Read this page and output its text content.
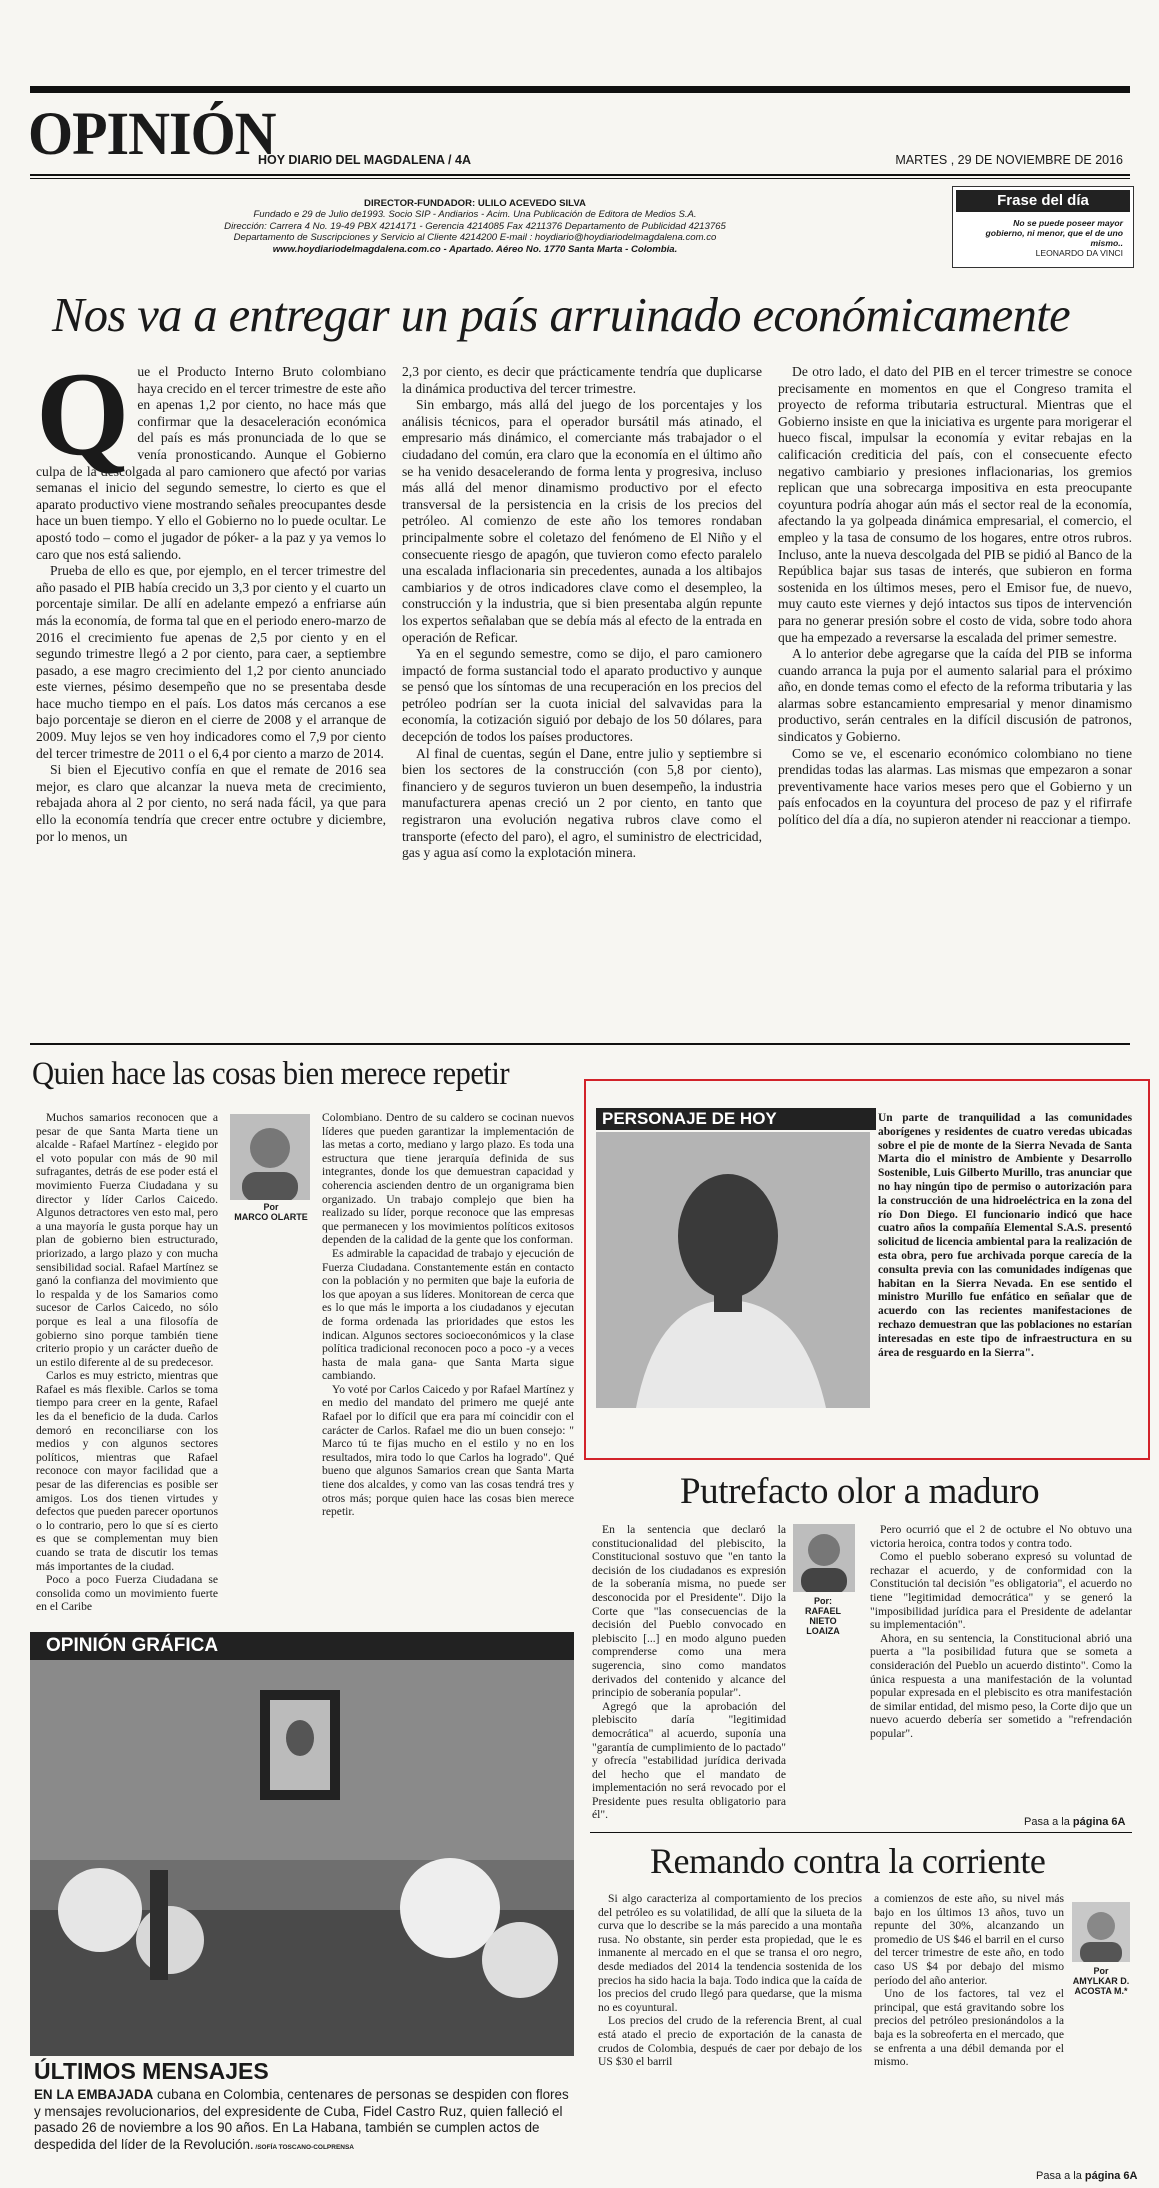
OPINIÓN
HOY DIARIO DEL MAGDALENA / 4A	MARTES , 29 DE NOVIEMBRE DE 2016
DIRECTOR-FUNDADOR: ULILO ACEVEDO SILVA
Fundado e 29 de Julio de1993. Socio SIP - Andiarios - Acim. Una Publicación de Editora de Medios S.A.
Dirección: Carrera 4 No. 19-49 PBX 4214171 - Gerencia 4214085 Fax 4211376 Departamento de Publicidad 4213765
Departamento de Suscripciones y Servicio al Cliente 4214200 E-mail : hoydiario@hoydiariodelmagdalena.com.co
www.hoydiariodelmagdalena.com.co - Apartado. Aéreo No. 1770 Santa Marta - Colombia.
Frase del día
No se puede poseer mayor gobierno, ni menor, que el de uno mismo..
LEONARDO DA VINCI
Nos va a entregar un país arruinado económicamente
Q ue el Producto Interno Bruto colombiano haya crecido en el tercer trimestre de este año en apenas 1,2 por ciento, no hace más que confirmar que la desaceleración económica del país es más pronunciada de lo que se venía pronosticando. Aunque el Gobierno culpa de la descolgada al paro camionero que afectó por varias semanas el inicio del segundo semestre, lo cierto es que el aparato productivo viene mostrando señales preocupantes desde hace un buen tiempo. Y ello el Gobierno no lo puede ocultar. Le apostó todo – como el jugador de póker- a la paz y ya vemos lo caro que nos está saliendo.

Prueba de ello es que, por ejemplo, en el tercer trimestre del año pasado el PIB había crecido un 3,3 por ciento y el cuarto un porcentaje similar. De allí en adelante empezó a enfriarse aún más la economía, de forma tal que en el periodo enero-marzo de 2016 el crecimiento fue apenas de 2,5 por ciento y en el segundo trimestre llegó a 2 por ciento, para caer, a septiembre pasado, a ese magro crecimiento del 1,2 por ciento anunciado este viernes, pésimo desempeño que no se presentaba desde hace mucho tiempo en el país. Los datos más cercanos a ese bajo porcentaje se dieron en el cierre de 2008 y el arranque de 2009. Muy lejos se ven hoy indicadores como el 7,9 por ciento del tercer trimestre de 2011 o el 6,4 por ciento a marzo de 2014.

Si bien el Ejecutivo confía en que el remate de 2016 sea mejor, es claro que alcanzar la nueva meta de crecimiento, rebajada ahora al 2 por ciento, no será nada fácil, ya que para ello la economía tendría que crecer entre octubre y diciembre, por lo menos, un

2,3 por ciento, es decir que prácticamente tendría que duplicarse la dinámica productiva del tercer trimestre.

Sin embargo, más allá del juego de los porcentajes y los análisis técnicos, para el operador bursátil más atinado, el empresario más dinámico, el comerciante más trabajador o el ciudadano del común, era claro que la economía en el último año se ha venido desacelerando de forma lenta y progresiva, incluso más allá del menor dinamismo productivo por el efecto transversal de la persistencia en la crisis de los precios del petróleo. Al comienzo de este año los temores rondaban principalmente sobre el coletazo del fenómeno de El Niño y el consecuente riesgo de apagón, que tuvieron como efecto paralelo una escalada inflacionaria sin precedentes, aunada a los altibajos cambiarios y de otros indicadores clave como el desempleo, la construcción y la industria, que si bien presentaba algún repunte los expertos señalaban que se debía más al efecto de la entrada en operación de Reficar.

Ya en el segundo semestre, como se dijo, el paro camionero impactó de forma sustancial todo el aparato productivo y aunque se pensó que los síntomas de una recuperación en los precios del petróleo podrían ser la cuota inicial del salvavidas para la economía, la cotización siguió por debajo de los 50 dólares, para decepción de todos los países productores.

Al final de cuentas, según el Dane, entre julio y septiembre si bien los sectores de la construcción (con 5,8 por ciento), financiero y de seguros tuvieron un buen desempeño, la industria manufacturera apenas creció un 2 por ciento, en tanto que registraron una evolución negativa rubros clave como el transporte (efecto del paro), el agro, el suministro de electricidad, gas y agua así como la explotación minera.

De otro lado, el dato del PIB en el tercer trimestre se conoce precisamente en momentos en que el Congreso tramita el proyecto de reforma tributaria estructural. Mientras que el Gobierno insiste en que la iniciativa es urgente para morigerar el hueco fiscal, impulsar la economía y evitar rebajas en la calificación crediticia del país, con el consecuente efecto negativo cambiario y presiones inflacionarias, los gremios replican que una sobrecarga impositiva en esta preocupante coyuntura podría ahogar aún más el sector real de la economía, afectando la ya golpeada dinámica empresarial, el comercio, el empleo y la tasa de consumo de los hogares, entre otros rubros. Incluso, ante la nueva descolgada del PIB se pidió al Banco de la República bajar sus tasas de interés, que subieron en forma sostenida en los últimos meses, pero el Emisor fue, de nuevo, muy cauto este viernes y dejó intactos sus tipos de intervención para no generar presión sobre el costo de vida, sobre todo ahora que ha empezado a reversarse la escalada del primer semestre.

A lo anterior debe agregarse que la caída del PIB se informa cuando arranca la puja por el aumento salarial para el próximo año, en donde temas como el efecto de la reforma tributaria y las alarmas sobre estancamiento empresarial y menor dinamismo productivo, serán centrales en la difícil discusión de patronos, sindicatos y Gobierno.

Como se ve, el escenario económico colombiano no tiene prendidas todas las alarmas. Las mismas que empezaron a sonar preventivamente hace varios meses pero que el Gobierno y un país enfocados en la coyuntura del proceso de paz y el rifirrafe político del día a día, no supieron atender ni reaccionar a tiempo.

Quien hace las cosas bien merece repetir
Por
MARCO OLARTE

Muchos samarios reconocen que a pesar de que Santa Marta tiene un alcalde - Rafael Martínez - elegido por el voto popular con más de 90 mil sufragantes, detrás de ese poder está el movimiento Fuerza Ciudadana y su director y líder Carlos Caicedo. Algunos detractores ven esto mal, pero a una mayoría le gusta porque hay un plan de gobierno bien estructurado, priorizado, a largo plazo y con mucha sensibilidad social. Rafael Martínez se ganó la confianza del movimiento que lo respalda y de los Samarios como sucesor de Carlos Caicedo, no sólo porque es leal a una filosofía de gobierno sino porque también tiene criterio propio y un carácter dueño de un estilo diferente al de su predecesor.

Carlos es muy estricto, mientras que Rafael es más flexible. Carlos se toma tiempo para creer en la gente, Rafael les da el beneficio de la duda. Carlos demoró en reconciliarse con los medios y con algunos sectores políticos, mientras que Rafael reconoce con mayor facilidad que a pesar de las diferencias es posible ser amigos. Los dos tienen virtudes y defectos que pueden parecer oportunos o lo contrario, pero lo que sí es cierto es que se complementan muy bien cuando se trata de discutir los temas más importantes de la ciudad.

Poco a poco Fuerza Ciudadana se consolida como un movimiento fuerte en el Caribe

Colombiano. Dentro de su caldero se cocinan nuevos líderes que pueden garantizar la implementación de las metas a corto, mediano y largo plazo. Es toda una estructura que tiene jerarquía definida de sus integrantes, donde los que demuestran capacidad y coherencia ascienden dentro de un organigrama bien organizado. Un trabajo complejo que bien ha realizado su líder, porque reconoce que las empresas que permanecen y los movimientos políticos exitosos dependen de la calidad de la gente que los conforman.

Es admirable la capacidad de trabajo y ejecución de Fuerza Ciudadana. Constantemente están en contacto con la población y no permiten que baje la euforia de los que apoyan a sus líderes. Monitorean de cerca que es lo que más le importa a los ciudadanos y ejecutan de forma ordenada las prioridades que estos les indican. Algunos sectores socioeconómicos y la clase política tradicional reconocen poco a poco -y a veces hasta de mala gana- que Santa Marta sigue cambiando.

Yo voté por Carlos Caicedo y por Rafael Martínez y en medio del mandato del primero me quejé ante Rafael por lo difícil que era para mí coincidir con el carácter de Carlos. Rafael me dio un buen consejo: " Marco tú te fijas mucho en el estilo y no en los resultados, mira todo lo que Carlos ha logrado". Qué bueno que algunos Samarios crean que Santa Marta tiene dos alcaldes, y como van las cosas tendrá tres y otros más; porque quien hace las cosas bien merece repetir.

PERSONAJE DE HOY	Un parte de tranquilidad a las comunidades aborígenes y residentes de cuatro veredas ubicadas sobre el pie de monte de la Sierra Nevada de Santa Marta dio el ministro de Ambiente y Desarrollo Sostenible, Luis Gilberto Murillo, tras anunciar que no hay ningún tipo de permiso o autorización para la construcción de una hidroeléctrica en la zona del río Don Diego. El funcionario indicó que hace cuatro años la compañía Elemental S.A.S. presentó solicitud de licencia ambiental para la realización de esta obra, pero fue archivada porque carecía de la consulta previa con las comunidades indígenas que habitan en la Sierra Nevada. En ese sentido el ministro Murillo fue enfático en señalar que de acuerdo con las recientes manifestaciones de rechazo demuestran que las poblaciones no estarían interesadas en este tipo de infraestructura en su área de resguardo en la Sierra".

Putrefacto olor a maduro
Por:
RAFAEL NIETO LOAIZA

En la sentencia que declaró la constitucionalidad del plebiscito, la Constitucional sostuvo que "en tanto la decisión de los ciudadanos es expresión de la soberanía misma, no puede ser desconocida por el Presidente". Dijo la Corte que "las consecuencias de la decisión del Pueblo convocado en plebiscito [...] en modo alguno pueden comprenderse como una mera sugerencia, sino como mandatos derivados del contenido y alcance del principio de soberanía popular".

Agregó que la aprobación del plebiscito daría "legitimidad democrática" al acuerdo, suponía una "garantía de cumplimiento de lo pactado" y ofrecía "estabilidad jurídica derivada del hecho que el mandato de implementación no será revocado por el Presidente pues resulta obligatorio para él".

Pero ocurrió que el 2 de octubre el No obtuvo una victoria heroica, contra todos y contra todo.

Como el pueblo soberano expresó su voluntad de rechazar el acuerdo, y de conformidad con la Constitución tal decisión "es obligatoria", el acuerdo no tiene "legitimidad democrática" y se generó la "imposibilidad jurídica para el Presidente de adelantar su implementación".

Ahora, en su sentencia, la Constitucional abrió una puerta a "la posibilidad futura que se someta a consideración del Pueblo un acuerdo distinto". Como la única respuesta a una manifestación de la voluntad popular expresada en el plebiscito es otra manifestación de similar entidad, del mismo peso, la Corte dijo que un nuevo acuerdo debería ser sometido a "refrendación popular".

Pasa a la página 6A
Remando contra la corriente

Si algo caracteriza al comportamiento de los precios del petróleo es su volatilidad, de allí que la silueta de la curva que lo describe se la más parecido a una montaña rusa. No obstante, sin perder esta propiedad, que le es inmanente al mercado en el que se transa el oro negro, desde mediados del 2014 la tendencia sostenida de los precios ha sido hacia la baja. Todo indica que la caída de los precios del crudo llegó para quedarse, que la misma no es coyuntural.

Los precios del crudo de la referencia Brent, al cual está atado el precio de exportación de la canasta de crudos de Colombia, después de caer por debajo de los US $30 el barril

a comienzos de este año, su nivel más bajo en los últimos 13 años, tuvo un repunte del 30%, alcanzando un promedio de US $46 el barril en el curso del tercer trimestre de este año, en todo caso US $4 por debajo del mismo período del año anterior.

Uno de los factores, tal vez el principal, que está gravitando sobre los precios del petróleo presionándolos a la baja es la sobreoferta en el mercado, que se enfrenta a una débil demanda por el mismo.

Por
AMYLKAR D. ACOSTA M.*
Pasa a la página 6A
OPINIÓN GRÁFICA
ÚLTIMOS MENSAJES
EN LA EMBAJADA cubana en Colombia, centenares de personas se despiden con flores y mensajes revolucionarios, del expresidente de Cuba, Fidel Castro Ruz, quien falleció el pasado 26 de noviembre a los 90 años. En La Habana, también se cumplen actos de despedida del líder de la Revolución. /SOFÍA TOSCANO-COLPRENSA
